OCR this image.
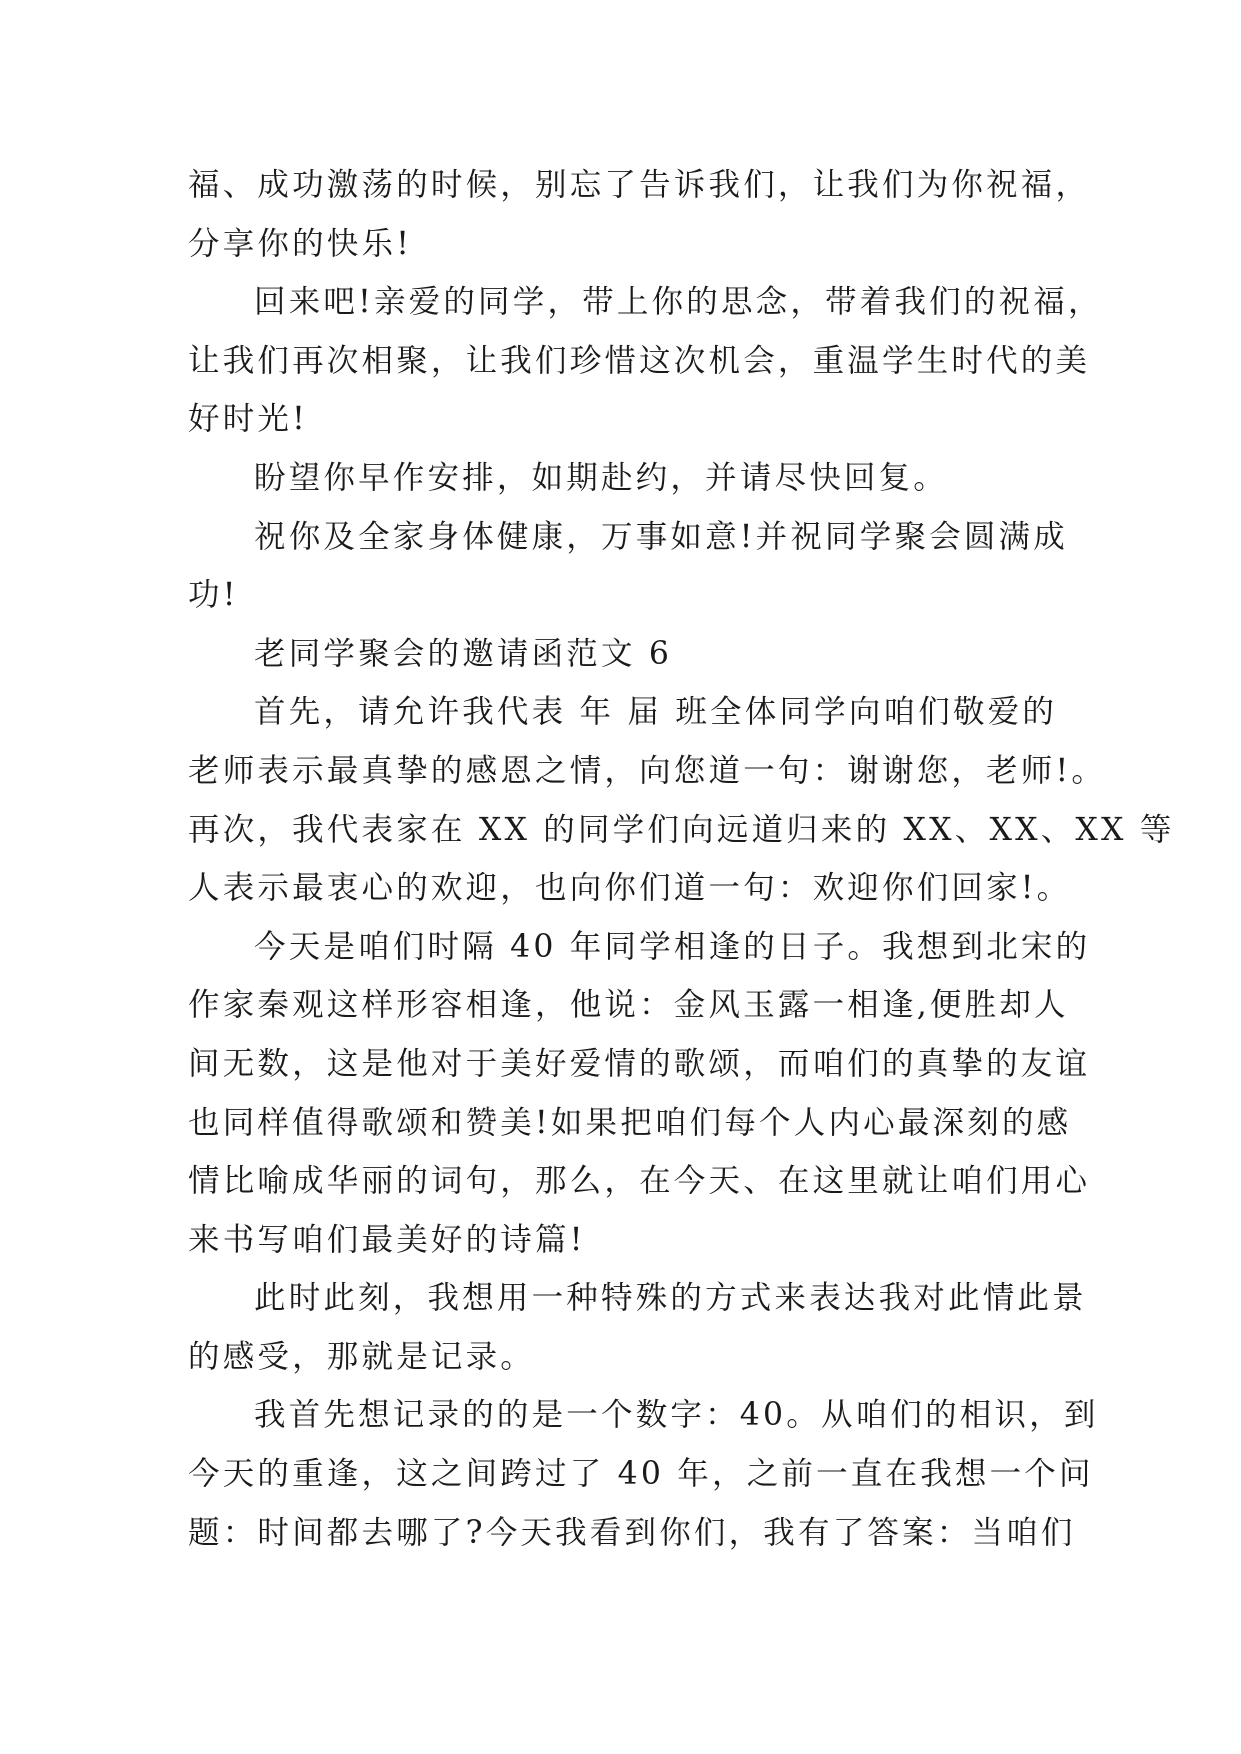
福、成功激荡的时候，别忘了告诉我们，让我们为你祝福，
分享你的快乐!

回来吧!亲爱的同学，带上你的思念，带着我们的祝福，
让我们再次相聚，让我们珍惜这次机会，重温学生时代的美
好时光!

盼望你早作安排，如期赴约，并请尽快回复。

祝你及全家身体健康，万事如意!并祝同学聚会圆满成
功!

老同学聚会的邀请函范文 6

首先，请允许我代表 年 届 班全体同学向咱们敬爱的
老师表示最真挚的感恩之情，向您道一句：谢谢您，老师!。
再次，我代表家在 XX 的同学们向远道归来的 XX、XX、XX 等
人表示最衷心的欢迎，也向你们道一句：欢迎你们回家!。

今天是咱们时隔 40 年同学相逢的日子。我想到北宋的
作家秦观这样形容相逢，他说：金风玉露一相逢,便胜却人
间无数，这是他对于美好爱情的歌颂，而咱们的真挚的友谊
也同样值得歌颂和赞美!如果把咱们每个人内心最深刻的感
情比喻成华丽的词句，那么，在今天、在这里就让咱们用心
来书写咱们最美好的诗篇!

此时此刻，我想用一种特殊的方式来表达我对此情此景
的感受，那就是记录。

我首先想记录的的是一个数字：40。从咱们的相识，到
今天的重逢，这之间跨过了 40 年，之前一直在我想一个问
题：时间都去哪了?今天我看到你们，我有了答案：当咱们
